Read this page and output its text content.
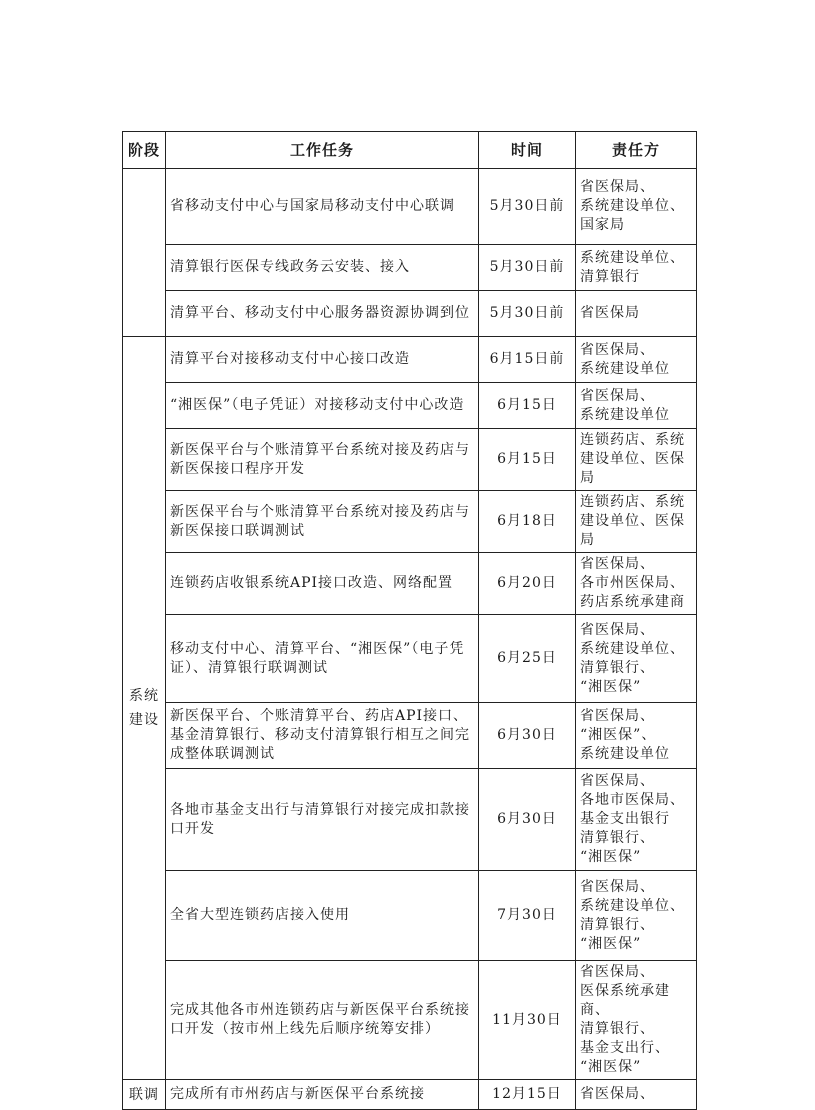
阶段	工作任务	时间	责任方
	省移动支付中心与国家局移动支付中心联调	5月30日前	省医保局、
系统建设单位、
国家局
	清算银行医保专线政务云安装、接入	5月30日前	系统建设单位、
清算银行
	清算平台、移动支付中心服务器资源协调到位	5月30日前	省医保局
系统建设	清算平台对接移动支付中心接口改造	6月15日前	省医保局、
系统建设单位
	“湘医保”（电子凭证）对接移动支付中心改造	6月15日	省医保局、
系统建设单位
	新医保平台与个账清算平台系统对接及药店与新医保接口程序开发	6月15日	连锁药店、系统建设单位、医保局
	新医保平台与个账清算平台系统对接及药店与新医保接口联调测试	6月18日	连锁药店、系统建设单位、医保局
	连锁药店收银系统API接口改造、网络配置	6月20日	省医保局、
各市州医保局、
药店系统承建商
	移动支付中心、清算平台、“湘医保”（电子凭证）、清算银行联调测试	6月25日	省医保局、
系统建设单位、
清算银行、
“湘医保”
	新医保平台、个账清算平台、药店API接口、基金清算银行、移动支付清算银行相互之间完成整体联调测试	6月30日	省医保局、
“湘医保”、
系统建设单位
	各地市基金支出行与清算银行对接完成扣款接口开发	6月30日	省医保局、
各地市医保局、
基金支出银行
清算银行、
“湘医保”
	全省大型连锁药店接入使用	7月30日	省医保局、
系统建设单位、
清算银行、
“湘医保”
	完成其他各市州连锁药店与新医保平台系统接口开发（按市州上线先后顺序统筹安排）	11月30日	省医保局、
医保系统承建商、
清算银行、
基金支出行、
“湘医保”
联调	完成所有市州药店与新医保平台系统接	12月15日	省医保局、
